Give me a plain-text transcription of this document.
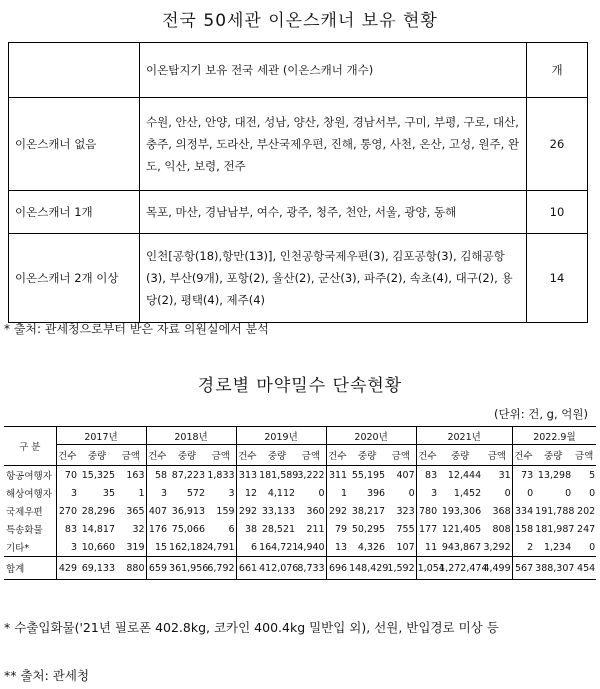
전국 50세관 이온스캐너 보유 현황
	이온탐지기 보유 전국 세관 (이온스캐너 개수)	개
이온스캐너 없음	수원, 안산, 안양, 대전, 성남, 양산, 창원, 경남서부, 구미, 부평, 구로, 대산, 충주, 의정부, 도라산, 부산국제우편, 진해, 통영, 사천, 온산, 고성, 원주, 완도, 익산, 보령, 전주	26
이온스캐너 1개	목포, 마산, 경남남부, 여수, 광주, 청주, 천안, 서울, 광양, 동해	10
이온스캐너 2개 이상	인천[공항(18),항만(13)], 인천공항국제우편(3), 김포공항(3), 김해공항(3), 부산(9개), 포항(2), 울산(2), 군산(3), 파주(2), 속초(4), 대구(2), 용당(2), 평택(4), 제주(4)	14
* 출처: 관세청으로부터 받은 자료 의원실에서 분석
경로별 마약밀수 단속현황
(단위: 건, g, 억원)
구 분	2017년			2018년			2019년			2020년			2021년			2022.9월		
	건수	중량	금액	건수	중량	금액	건수	중량	금액	건수	중량	금액	건수	중량	금액	건수	중량	금액
항공여행자	70	15,325	163	58	87,223	1,833	313	181,589	3,222	311	55,195	407	83	12,444	31	73	13,298	5
해상여행자	3	35	1	3	572	3	12	4,112	0	1	396	0	3	1,452	0	0	0	0
국제우편	270	28,296	365	407	36,913	159	292	33,133	360	292	38,217	323	780	193,306	368	334	191,788	202
특송화물	83	14,817	32	176	75,066	6	38	28,521	211	79	50,295	755	177	121,405	808	158	181,987	247
기타*	3	10,660	319	15	162,182	4,791	6	164,721	4,940	13	4,326	107	11	943,867	3,292	2	1,234	0
합계	429	69,133	880	659	361,956	6,792	661	412,076	8,733	696	148,429	1,592	1,054	1,272,474	4,499	567	388,307	454
* 수출입화물('21년 필로폰 402.8kg, 코카인 400.4kg 밀반입 외), 선원, 반입경로 미상 등
** 출처: 관세청
